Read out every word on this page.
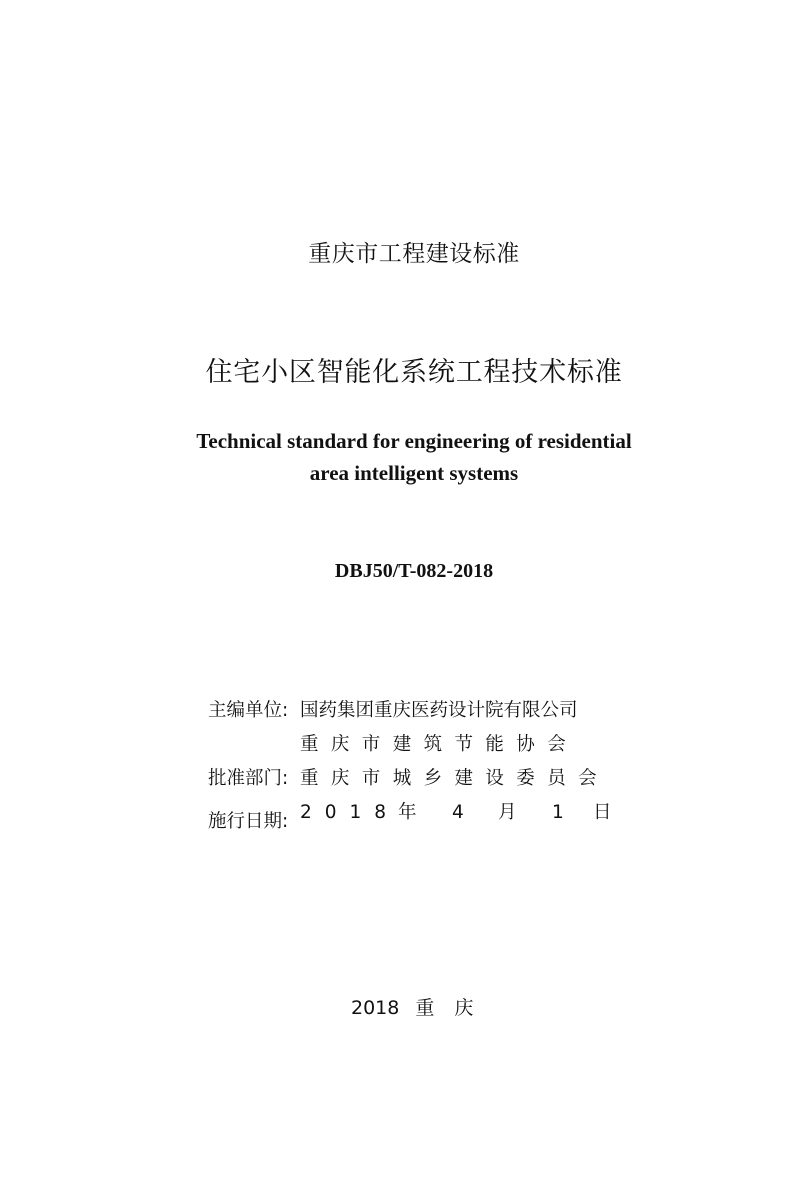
重庆市工程建设标准
住宅小区智能化系统工程技术标准
Technical standard for engineering of residential
area intelligent systems
DBJ50/T-082-2018
主编单位: 国药集团重庆医药设计院有限公司
重庆市建筑节能协会
批准部门: 重庆市城乡建设委员会
施行日期: 2018
年 4 月 1 日
2018 重庆
